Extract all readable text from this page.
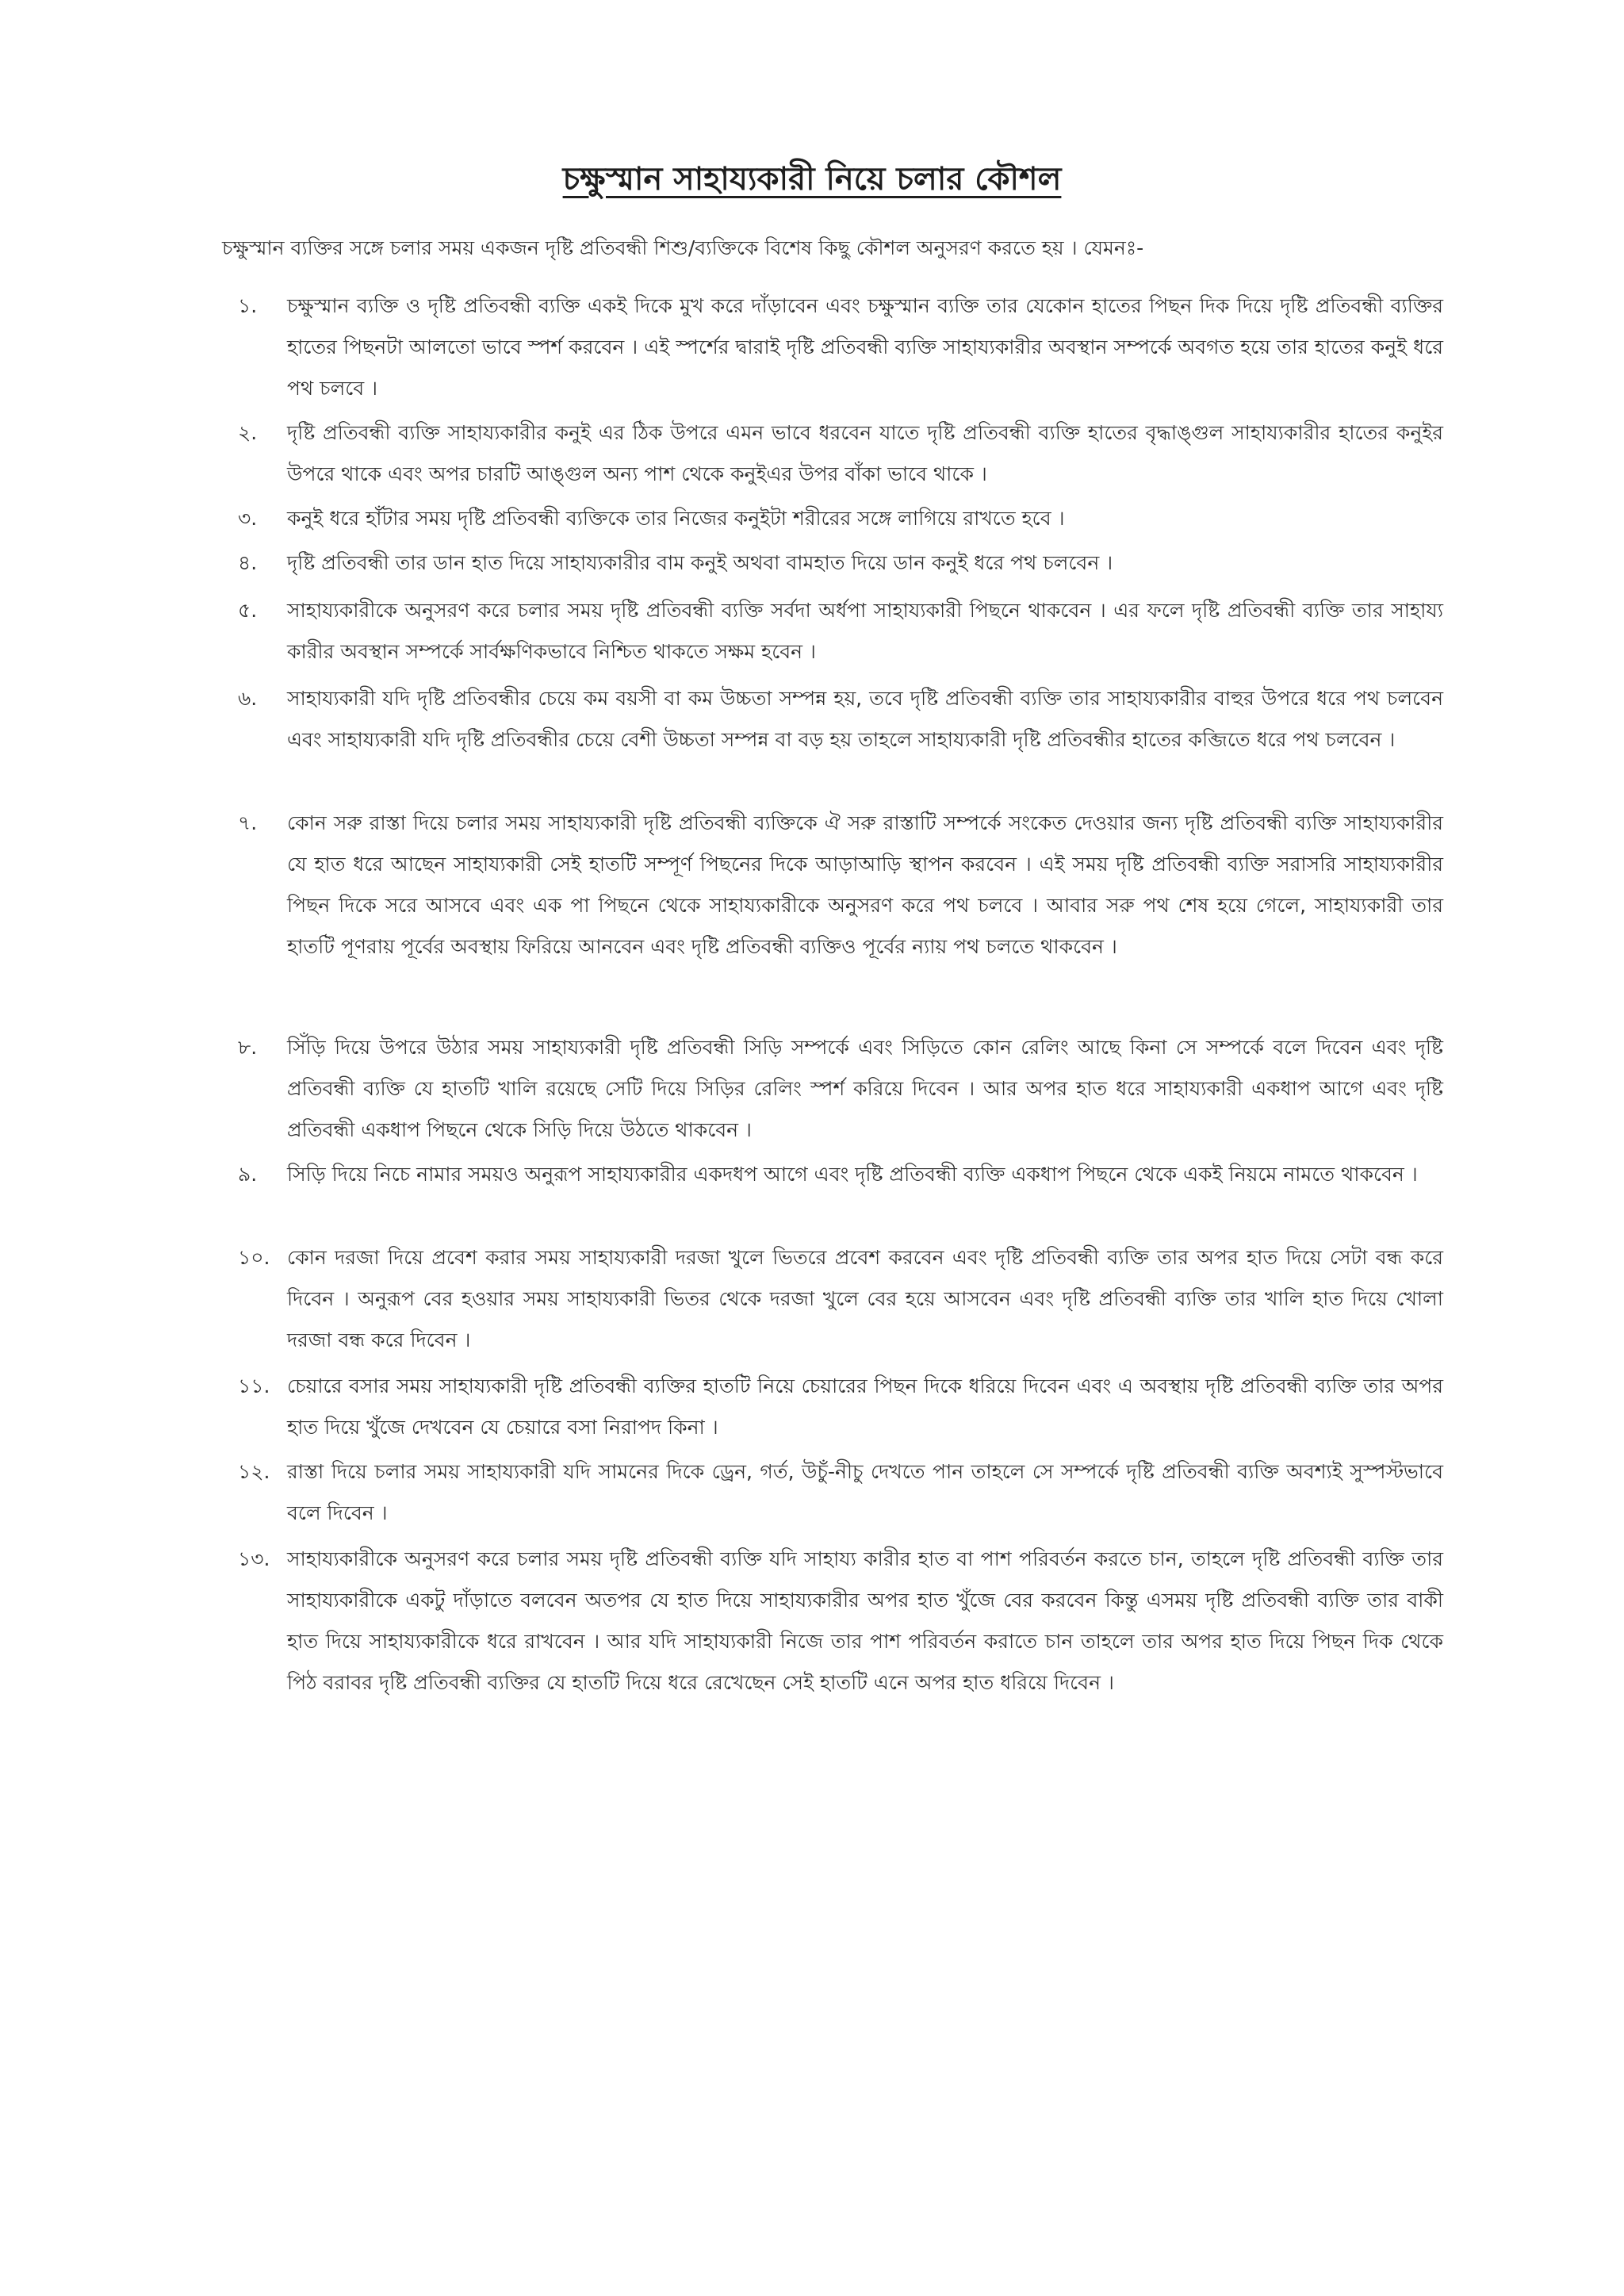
চক্ষুস্মান সাহায্যকারী নিয়ে চলার কৌশল
চক্ষুস্মান ব্যক্তির সঙ্গে চলার সময় একজন দৃষ্টি প্রতিবন্ধী শিশু/ব্যক্তিকে বিশেষ কিছু কৌশল অনুসরণ করতে হয় । যেমনঃ-
১.	চক্ষুস্মান ব্যক্তি ও দৃষ্টি প্রতিবন্ধী ব্যক্তি একই দিকে মুখ করে দাঁড়াবেন এবং চক্ষুস্মান ব্যক্তি তার যেকোন হাতের পিছন দিক দিয়ে দৃষ্টি প্রতিবন্ধী ব্যক্তির হাতের পিছনটা আলতো ভাবে স্পর্শ করবেন । এই স্পর্শের দ্বারাই দৃষ্টি প্রতিবন্ধী ব্যক্তি সাহায্যকারীর অবস্থান সম্পর্কে অবগত হয়ে তার হাতের কনুই ধরে পথ চলবে ।
২.	দৃষ্টি প্রতিবন্ধী ব্যক্তি সাহায্যকারীর কনুই এর ঠিক উপরে এমন ভাবে ধরবেন যাতে দৃষ্টি প্রতিবন্ধী ব্যক্তি হাতের বৃদ্ধাঙ্গুল সাহায্যকারীর হাতের কনুইর উপরে থাকে এবং অপর চারটি আঙ্গুল অন্য পাশ থেকে কনুইএর উপর বাঁকা ভাবে থাকে ।
৩.	কনুই ধরে হাঁটার সময় দৃষ্টি প্রতিবন্ধী ব্যক্তিকে তার নিজের কনুইটা শরীরের সঙ্গে লাগিয়ে রাখতে হবে ।
৪.	দৃষ্টি প্রতিবন্ধী তার ডান হাত দিয়ে সাহায্যকারীর বাম কনুই অথবা বামহাত দিয়ে ডান কনুই ধরে পথ চলবেন ।
৫.	সাহায্যকারীকে অনুসরণ করে চলার সময় দৃষ্টি প্রতিবন্ধী ব্যক্তি সর্বদা অর্ধপা সাহায্যকারী পিছনে থাকবেন । এর ফলে দৃষ্টি প্রতিবন্ধী ব্যক্তি তার সাহায্য কারীর অবস্থান সম্পর্কে সার্বক্ষণিকভাবে নিশ্চিত থাকতে সক্ষম হবেন ।
৬.	সাহায্যকারী যদি দৃষ্টি প্রতিবন্ধীর চেয়ে কম বয়সী বা কম উচ্চতা সম্পন্ন হয়, তবে দৃষ্টি প্রতিবন্ধী ব্যক্তি তার সাহায্যকারীর বাহুর উপরে ধরে পথ চলবেন এবং সাহায্যকারী যদি দৃষ্টি প্রতিবন্ধীর চেয়ে বেশী উচ্চতা সম্পন্ন বা বড় হয় তাহলে সাহায্যকারী দৃষ্টি প্রতিবন্ধীর হাতের কব্জিতে ধরে পথ চলবেন ।
৭.	কোন সরু রাস্তা দিয়ে চলার সময় সাহায্যকারী দৃষ্টি প্রতিবন্ধী ব্যক্তিকে ঐ সরু রাস্তাটি সম্পর্কে সংকেত দেওয়ার জন্য দৃষ্টি প্রতিবন্ধী ব্যক্তি সাহায্যকারীর যে হাত ধরে আছেন সাহায্যকারী সেই হাতটি সম্পূর্ণ পিছনের দিকে আড়াআড়ি স্থাপন করবেন । এই সময় দৃষ্টি প্রতিবন্ধী ব্যক্তি সরাসরি সাহায্যকারীর পিছন দিকে সরে আসবে এবং এক পা পিছনে থেকে সাহায্যকারীকে অনুসরণ করে পথ চলবে । আবার সরু পথ শেষ হয়ে গেলে, সাহায্যকারী তার হাতটি পূণরায় পূর্বের অবস্থায় ফিরিয়ে আনবেন এবং দৃষ্টি প্রতিবন্ধী ব্যক্তিও পূর্বের ন্যায় পথ চলতে থাকবেন ।
৮.	সিঁড়ি দিয়ে উপরে উঠার সময় সাহায্যকারী দৃষ্টি প্রতিবন্ধী সিড়ি সম্পর্কে এবং সিড়িতে কোন রেলিং আছে কিনা সে সম্পর্কে বলে দিবেন এবং দৃষ্টি প্রতিবন্ধী ব্যক্তি যে হাতটি খালি রয়েছে সেটি দিয়ে সিড়ির রেলিং স্পর্শ করিয়ে দিবেন । আর অপর হাত ধরে সাহায্যকারী একধাপ আগে এবং দৃষ্টি প্রতিবন্ধী একধাপ পিছনে থেকে সিড়ি দিয়ে উঠতে থাকবেন ।
৯.	সিড়ি দিয়ে নিচে নামার সময়ও অনুরূপ সাহায্যকারীর একদধপ আগে এবং দৃষ্টি প্রতিবন্ধী ব্যক্তি একধাপ পিছনে থেকে একই নিয়মে নামতে থাকবেন ।
১০. কোন দরজা দিয়ে প্রবেশ করার সময় সাহায্যকারী দরজা খুলে ভিতরে প্রবেশ করবেন এবং দৃষ্টি প্রতিবন্ধী ব্যক্তি তার অপর হাত দিয়ে সেটা বন্ধ করে দিবেন । অনুরূপ বের হওয়ার সময় সাহায্যকারী ভিতর থেকে দরজা খুলে বের হয়ে আসবেন এবং দৃষ্টি প্রতিবন্ধী ব্যক্তি তার খালি হাত দিয়ে খোলা দরজা বন্ধ করে দিবেন ।
১১. চেয়ারে বসার সময় সাহায্যকারী দৃষ্টি প্রতিবন্ধী ব্যক্তির হাতটি নিয়ে চেয়ারের পিছন দিকে ধরিয়ে দিবেন এবং এ অবস্থায় দৃষ্টি প্রতিবন্ধী ব্যক্তি তার অপর হাত দিয়ে খুঁজে দেখবেন যে চেয়ারে বসা নিরাপদ কিনা ।
১২. রাস্তা দিয়ে চলার সময় সাহায্যকারী যদি সামনের দিকে ড্রেন, গর্ত, উচুঁ-নীচু দেখতে পান তাহলে সে সম্পর্কে দৃষ্টি প্রতিবন্ধী ব্যক্তি অবশ্যই সুস্পস্টভাবে বলে দিবেন ।
১৩. সাহায্যকারীকে অনুসরণ করে চলার সময় দৃষ্টি প্রতিবন্ধী ব্যক্তি যদি সাহায্য কারীর হাত বা পাশ পরিবর্তন করতে চান, তাহলে দৃষ্টি প্রতিবন্ধী ব্যক্তি তার সাহায্যকারীকে একটু দাঁড়াতে বলবেন অতপর যে হাত দিয়ে সাহায্যকারীর অপর হাত খুঁজে বের করবেন কিন্তু এসময় দৃষ্টি প্রতিবন্ধী ব্যক্তি তার বাকী হাত দিয়ে সাহায্যকারীকে ধরে রাখবেন । আর যদি সাহায্যকারী নিজে তার পাশ পরিবর্তন করাতে চান তাহলে তার অপর হাত দিয়ে পিছন দিক থেকে পিঠ বরাবর দৃষ্টি প্রতিবন্ধী ব্যক্তির যে হাতটি দিয়ে ধরে রেখেছেন সেই হাতটি এনে অপর হাত ধরিয়ে দিবেন ।
